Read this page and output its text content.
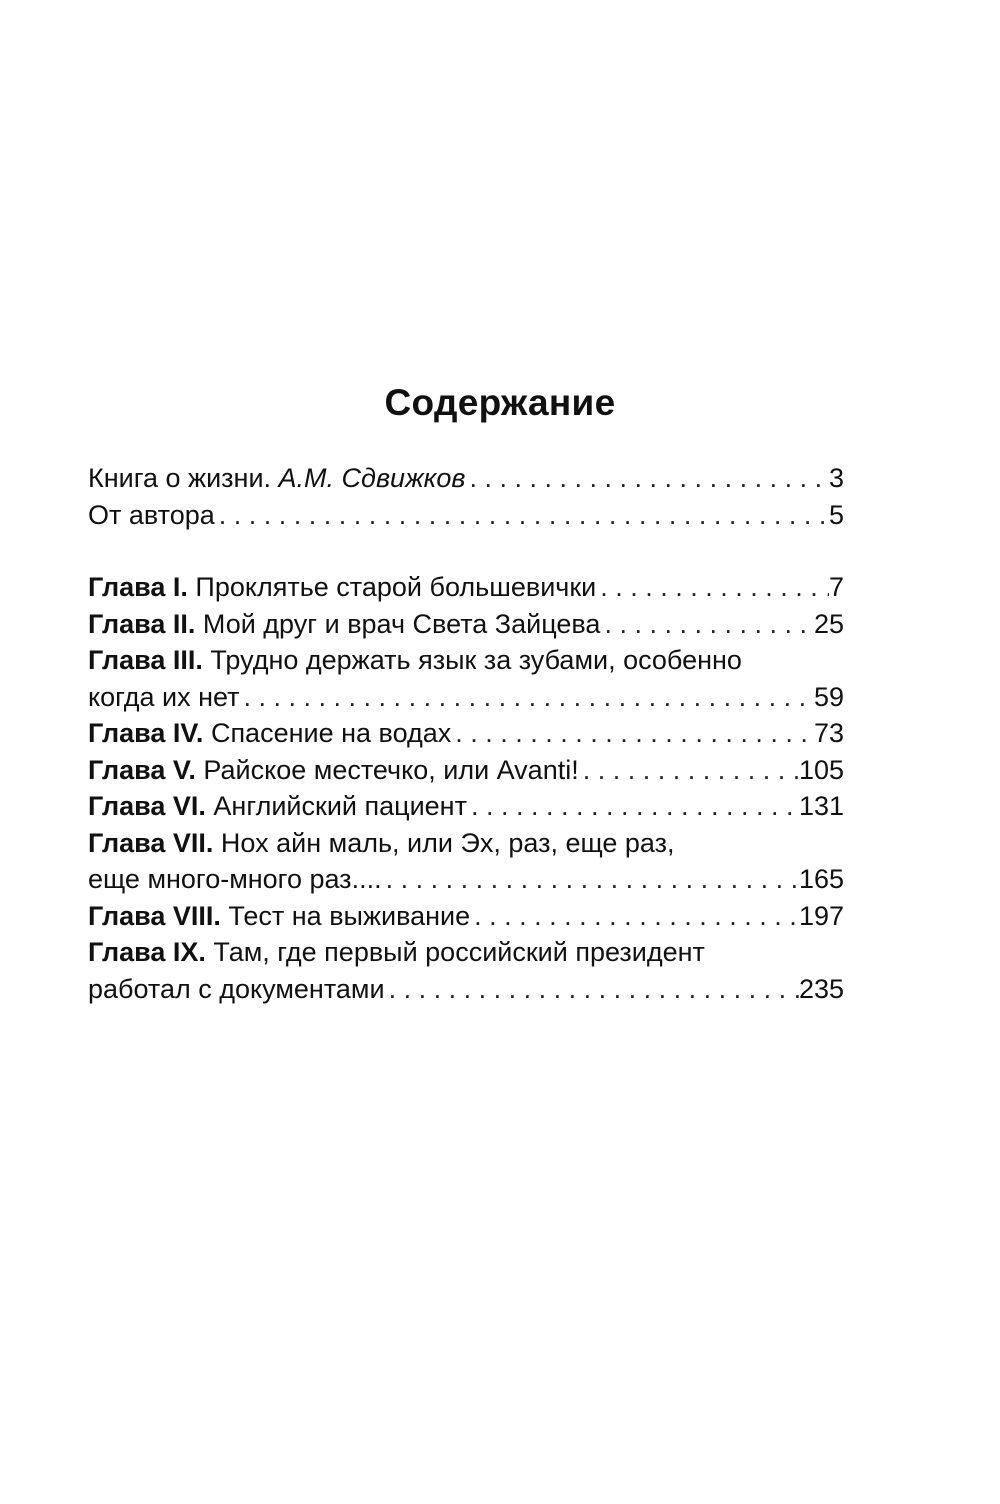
Содержание
Книга о жизни. А.М. Сдвижков . . .	3
От автора . . .	5
Глава I. Проклятье старой большевички . . .	7
Глава II. Мой друг и врач Света Зайцева . . .	25
Глава III. Трудно держать язык за зубами, особенно
когда их нет . . .	59
Глава IV. Спасение на водах . . .	73
Глава V. Райское местечко, или Avanti! . . .	105
Глава VI. Английский пациент . . .	131
Глава VII. Нох айн маль, или Эх, раз, еще раз,
еще много-много раз.... . . .	165
Глава VIII. Тест на выживание . . .	197
Глава IX. Там, где первый российский президент
работал с документами . . .	235
